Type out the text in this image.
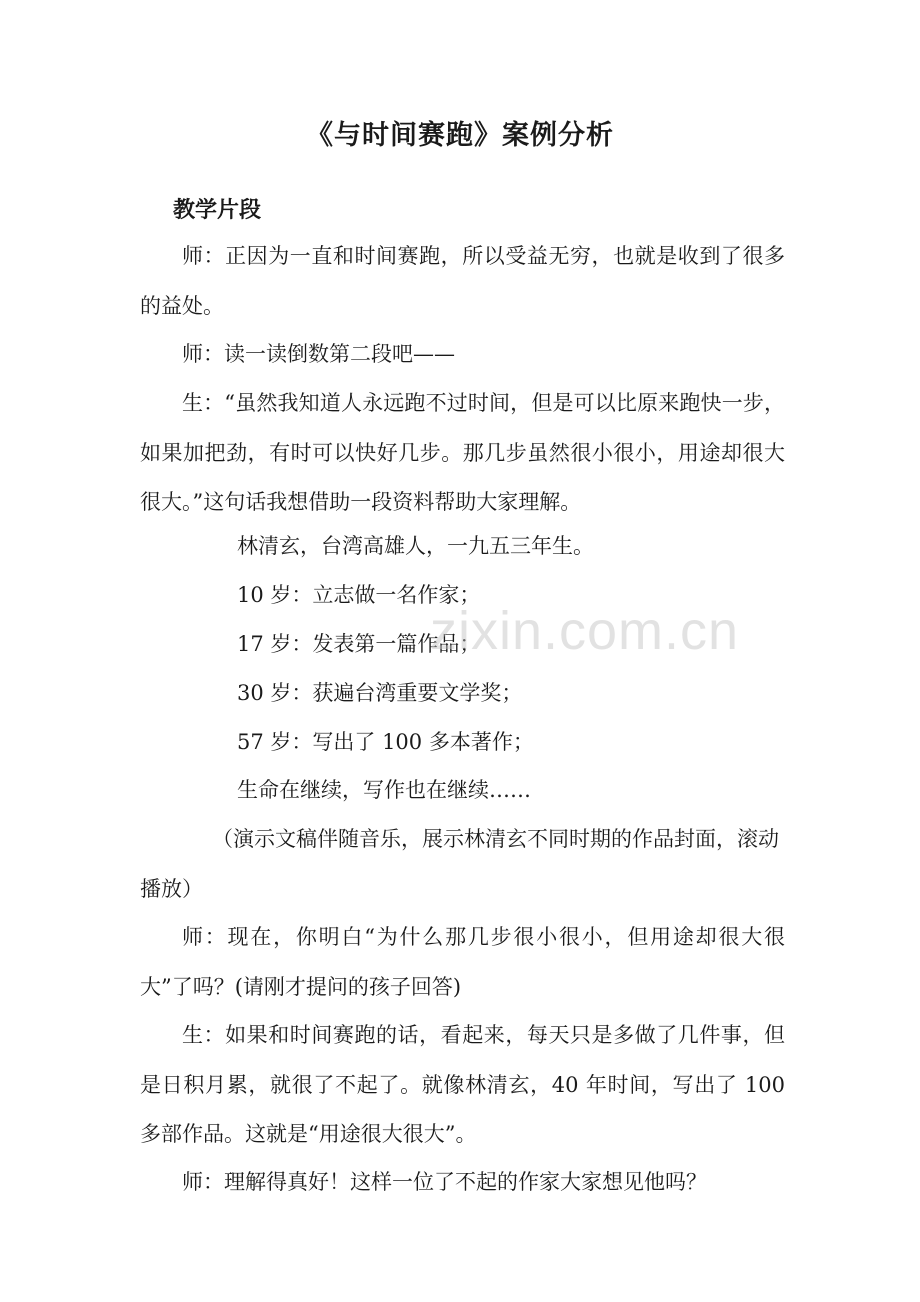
《与时间赛跑》案例分析
教学片段

师：正因为一直和时间赛跑，所以受益无穷，也就是收到了很多的益处。

师：读一读倒数第二段吧——

生：“虽然我知道人永远跑不过时间，但是可以比原来跑快一步，如果加把劲，有时可以快好几步。那几步虽然很小很小，用途却很大很大。”这句话我想借助一段资料帮助大家理解。

林清玄，台湾高雄人，一九五三年生。
10 岁：立志做一名作家；
17 岁：发表第一篇作品；
30 岁：获遍台湾重要文学奖；
57 岁：写出了 100 多本著作；
生命在继续，写作也在继续……

（演示文稿伴随音乐，展示林清玄不同时期的作品封面，滚动播放）

师：现在，你明白“为什么那几步很小很小，但用途却很大很大”了吗？(请刚才提问的孩子回答)

生：如果和时间赛跑的话，看起来，每天只是多做了几件事，但是日积月累，就很了不起了。就像林清玄，40 年时间，写出了 100 多部作品。这就是“用途很大很大”。

师：理解得真好！这样一位了不起的作家大家想见他吗？

zixin.com.cn
